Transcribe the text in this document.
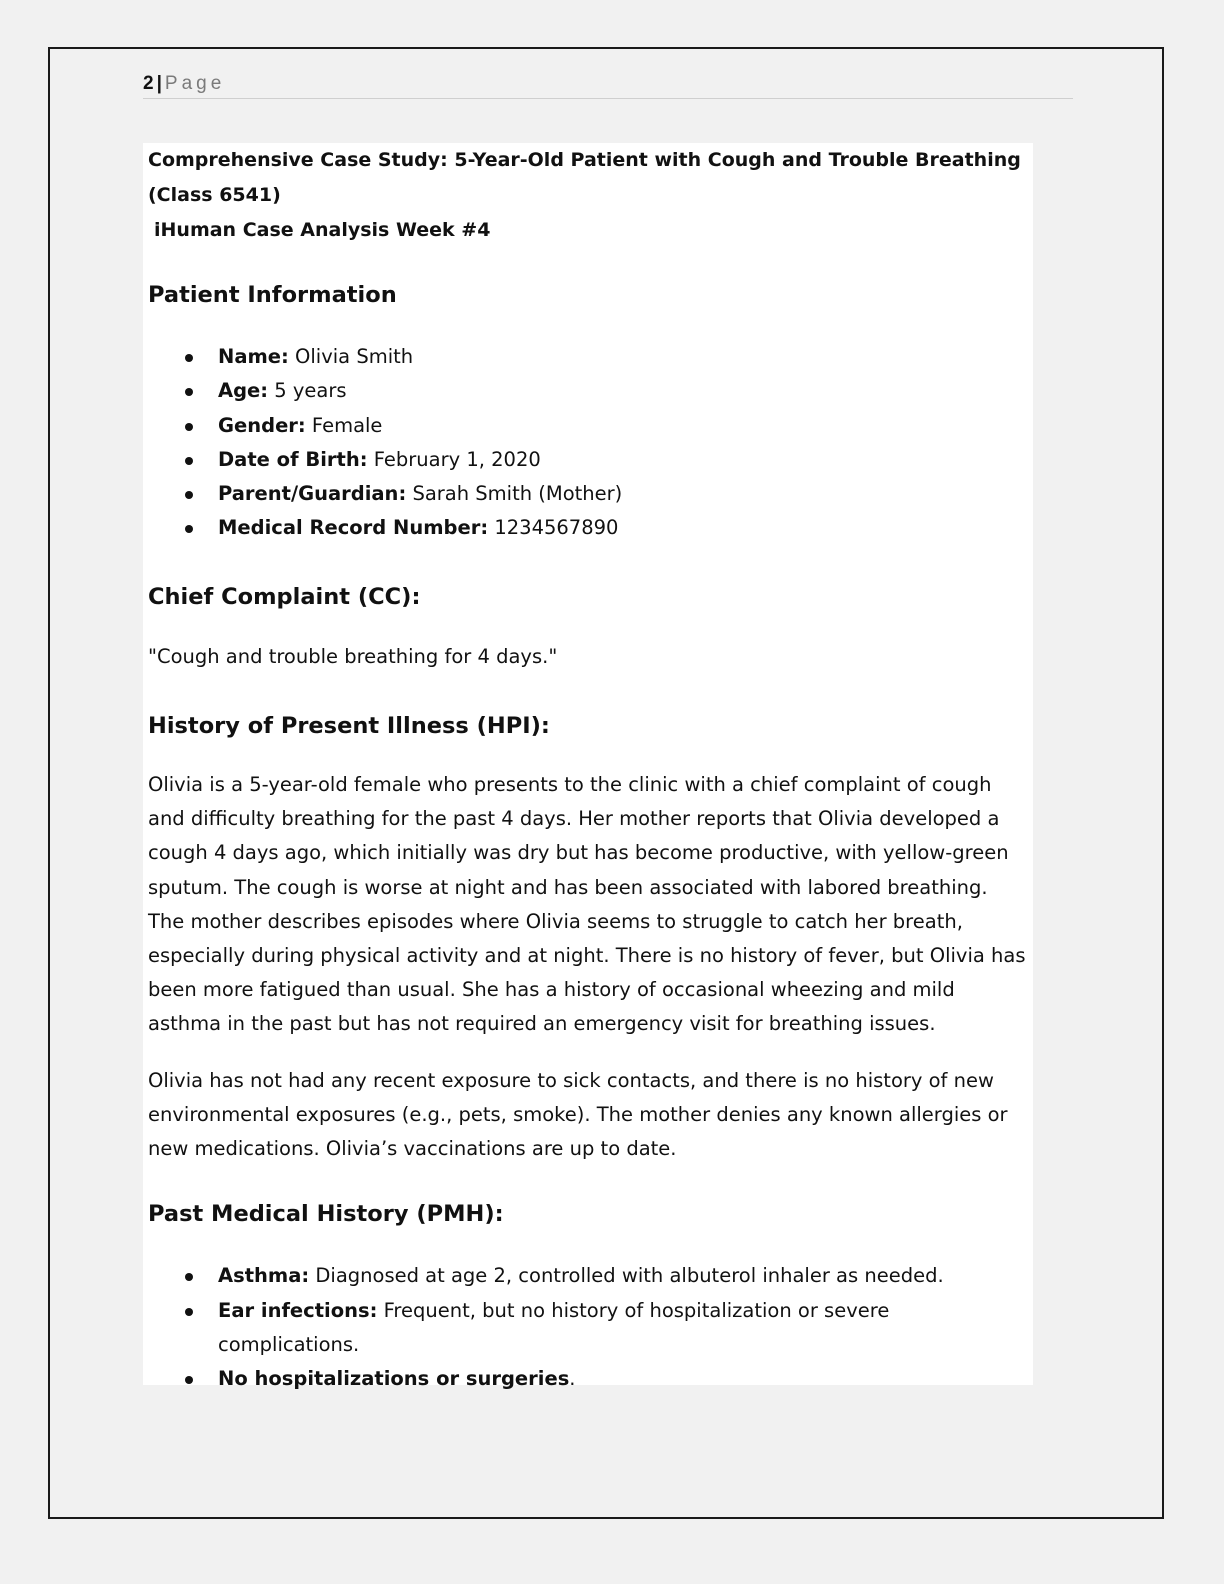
2 | Page
Comprehensive Case Study: 5-Year-Old Patient with Cough and Trouble Breathing (Class 6541)
iHuman Case Analysis Week #4
Patient Information
Name: Olivia Smith
Age: 5 years
Gender: Female
Date of Birth: February 1, 2020
Parent/Guardian: Sarah Smith (Mother)
Medical Record Number: 1234567890
Chief Complaint (CC):

"Cough and trouble breathing for 4 days."

History of Present Illness (HPI):

Olivia is a 5-year-old female who presents to the clinic with a chief complaint of cough and difficulty breathing for the past 4 days. Her mother reports that Olivia developed a cough 4 days ago, which initially was dry but has become productive, with yellow-green sputum. The cough is worse at night and has been associated with labored breathing. The mother describes episodes where Olivia seems to struggle to catch her breath, especially during physical activity and at night. There is no history of fever, but Olivia has been more fatigued than usual. She has a history of occasional wheezing and mild asthma in the past but has not required an emergency visit for breathing issues.

Olivia has not had any recent exposure to sick contacts, and there is no history of new environmental exposures (e.g., pets, smoke). The mother denies any known allergies or new medications. Olivia’s vaccinations are up to date.

Past Medical History (PMH):
Asthma: Diagnosed at age 2, controlled with albuterol inhaler as needed.
Ear infections: Frequent, but no history of hospitalization or severe complications.
No hospitalizations or surgeries.
